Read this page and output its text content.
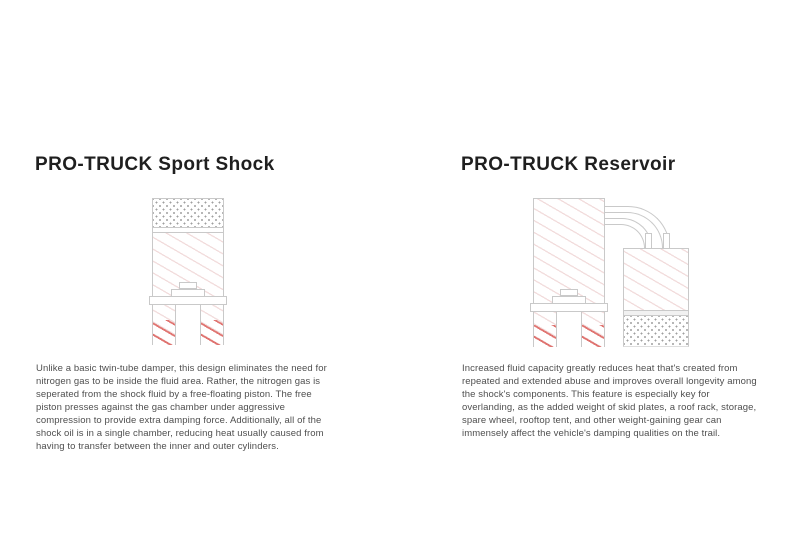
PRO-TRUCK Sport Shock
Unlike a basic twin-tube damper, this design eliminates the need for
nitrogen gas to be inside the fluid area. Rather, the nitrogen gas is
seperated from the shock fluid by a free-floating piston. The free
piston presses against the gas chamber under aggressive
compression to provide extra damping force. Additionally, all of the
shock oil is in a single chamber, reducing heat usually caused from
having to transfer between the inner and outer cylinders.
PRO-TRUCK Reservoir
Increased fluid capacity greatly reduces heat that's created from
repeated and extended abuse and improves overall longevity among
the shock's components. This feature is especially key for
overlanding, as the added weight of skid plates, a roof rack, storage,
spare wheel, rooftop tent, and other weight-gaining gear can
immensely affect the vehicle's damping qualities on the trail.
